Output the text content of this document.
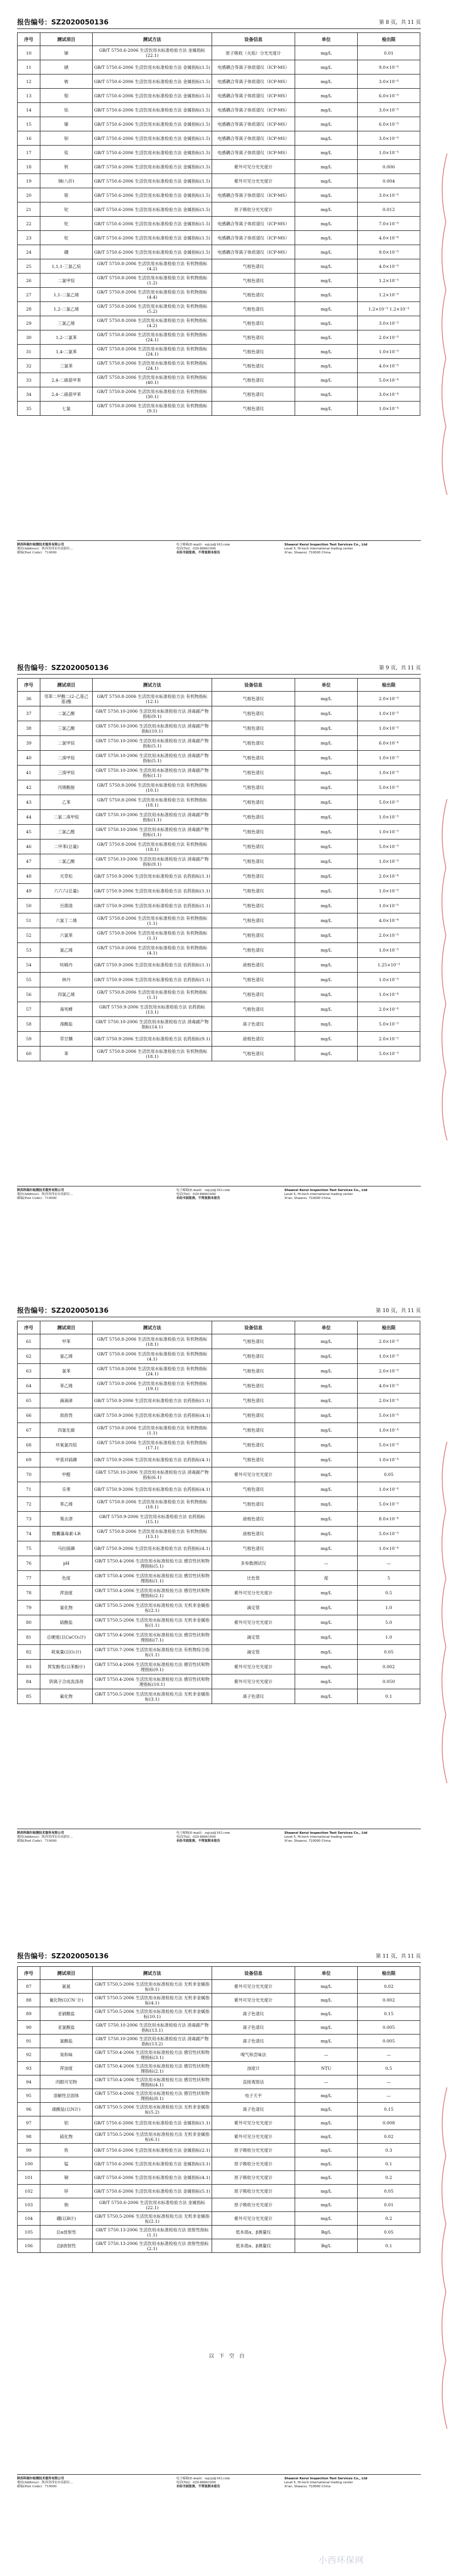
报告编号：SZ2020050136	第 8 页，共 11 页
序号	测试项目	测试方法	设备信息	单位	检出限
10	锑	GB/T 5750.6-2006 生活饮用水标准检验方法 金属指标(22.1)	原子吸收（火焰）分光光度计	mg/L	0.01
11	硒	GB/T 5750.6-2006 生活饮用水标准检验方法 金属指标(1.5)	电感耦合等离子体质谱仪（ICP-MS）	mg/L	9.0×10⁻⁵
12	铍	GB/T 5750.6-2006 生活饮用水标准检验方法 金属指标(1.5)	电感耦合等离子体质谱仪（ICP-MS）	mg/L	3.0×10⁻⁵
13	钼	GB/T 5750.6-2006 生活饮用水标准检验方法 金属指标(1.5)	电感耦合等离子体质谱仪（ICP-MS）	mg/L	6.0×10⁻⁵
14	钴	GB/T 5750.6-2006 生活饮用水标准检验方法 金属指标(1.5)	电感耦合等离子体质谱仪（ICP-MS）	mg/L	3.0×10⁻⁵
15	镍	GB/T 5750.6-2006 生活饮用水标准检验方法 金属指标(1.5)	电感耦合等离子体质谱仪（ICP-MS）	mg/L	6.0×10⁻⁵
16	钡	GB/T 5750.6-2006 生活饮用水标准检验方法 金属指标(1.5)	电感耦合等离子体质谱仪（ICP-MS）	mg/L	3.0×10⁻⁵
17	钛	GB/T 5750.6-2006 生活饮用水标准检验方法 金属指标(1.5)	电感耦合等离子体质谱仪（ICP-MS）	mg/L	1.0×10⁻⁵
18	钒	GB/T 5750.6-2006 生活饮用水标准检验方法 金属指标(1.5)	紫外可见分光光度计	mg/L	0.006
19	锑(八价)	GB/T 5750.6-2006 生活饮用水标准检验方法 金属指标(1.5)	紫外可见分光光度计	mg/L	0.004
20	银	GB/T 5750.6-2006 生活饮用水标准检验方法 金属指标(1.5)	电感耦合等离子体质谱仪（ICP-MS）	mg/L	3.0×10⁻⁵
21	铊	GB/T 5750.6-2006 生活饮用水标准检验方法 金属指标(1.5)	原子吸收分光光度计	mg/L	0.012
22	铊	GB/T 5750.6-2006 生活饮用水标准检验方法 金属指标(1.5)	电感耦合等离子体质谱仪（ICP-MS）	mg/L	7.0×10⁻⁵
23	铊	GB/T 5750.6-2006 生活饮用水标准检验方法 金属指标(1.5)	电感耦合等离子体质谱仪（ICP-MS）	mg/L	4.0×10⁻⁶
24	硼	GB/T 5750.6-2006 生活饮用水标准检验方法 金属指标(1.5)	电感耦合等离子体质谱仪（ICP-MS）	mg/L	9.0×10⁻⁵
25	1,1,1-三氯乙烷	GB/T 5750.8-2006 生活饮用水标准检验方法 有机物指标(4.2)	气相色谱仪	mg/L	4.0×10⁻⁵
26	二氯甲烷	GB/T 5750.8-2006 生活饮用水标准检验方法 有机物指标(1.2)	气相色谱仪	mg/L	1.2×10⁻³
27	1,1-二氯乙烯	GB/T 5750.8-2006 生活饮用水标准检验方法 有机物指标(4.4)	气相色谱仪	mg/L	1.2×10⁻³
28	1,2-二氯乙烯	GB/T 5750.8-2006 生活饮用水标准检验方法 有机物指标(5.2)	气相色谱仪	mg/L	1.2×10⁻³ 1.2×10⁻³
29	三氯乙烯	GB/T 5750.8-2006 生活饮用水标准检验方法 有机物指标(4.2)	气相色谱仪	mg/L	3.0×10⁻³
30	1,2-二氯苯	GB/T 5750.8-2006 生活饮用水标准检验方法 有机物指标(24.1)	气相色谱仪	mg/L	2.0×10⁻³
31	1,4-二氯苯	GB/T 5750.8-2006 生活饮用水标准检验方法 有机物指标(24.1)	气相色谱仪	mg/L	1.0×10⁻³
32	三氯苯	GB/T 5750.8-2006 生活饮用水标准检验方法 有机物指标(24.1)	气相色谱仪	mg/L	4.0×10⁻⁵
33	2,4-二硝基甲苯	GB/T 5750.8-2006 生活饮用水标准检验方法 有机物指标(40.1)	气相色谱仪	mg/L	5.0×10⁻⁴
34	2,4-二硝基甲苯	GB/T 5750.8-2006 生活饮用水标准检验方法 有机物指标(30.1)	气相色谱仪	mg/L	3.0×10⁻⁴
35	七氯	GB/T 5750.8-2006 生活饮用水标准检验方法 有机物指标(9.1)	气相色谱仪	mg/L	1.0×10⁻⁴
陕西科瑞尔检测技术服务有限公司
地址(Address)：陕西省西安市高新区...
邮编(Post Code)：710000
电子邮箱(E-mail)：sxjcjs@163.com
电话(Tel)：029-88661000
未经书面批准，不得复制本报告
Shaanxi Kerui Inspection Test Services Co., Ltd
Level 5, Hi-tech international trading center
Xi'an, Shaanxi, 710000 China
报告编号：SZ2020050136	第 9 页，共 11 页
序号	测试项目	测试方法	设备信息	单位	检出限
36	邻苯二甲酸二(2-乙基己基)酯	GB/T 5750.8-2006 生活饮用水标准检验方法 有机物指标(12.1)	气相色谱仪	mg/L	2.0×10⁻³
37	二氯乙酸	GB/T 5750.10-2006 生活饮用水标准检验方法 消毒副产物指标(9.1)	气相色谱仪	mg/L	1.0×10⁻³
38	三氯乙酸	GB/T 5750.10-2006 生活饮用水标准检验方法 消毒副产物指标(10.1)	气相色谱仪	mg/L	1.0×10⁻³
39	二氯甲烷	GB/T 5750.10-2006 生活饮用水标准检验方法 消毒副产物指标(5.1)	气相色谱仪	mg/L	6.0×10⁻⁴
40	二溴甲烷	GB/T 5750.10-2006 生活饮用水标准检验方法 消毒副产物指标(5.1)	气相色谱仪	mg/L	1.0×10⁻³
41	三溴甲烷	GB/T 5750.10-2006 生活饮用水标准检验方法 消毒副产物指标(1.1)	气相色谱仪	mg/L	1.0×10⁻³
42	丙烯酰胺	GB/T 5750.8-2006 生活饮用水标准检验方法 有机物指标(10.1)	气相色谱仪	mg/L	5.0×10⁻⁵
43	乙苯	GB/T 5750.8-2006 生活饮用水标准检验方法 有机物指标(18.1)	气相色谱仪	mg/L	5.0×10⁻³
44	二氯二溴甲烷	GB/T 5750.10-2006 生活饮用水标准检验方法 消毒副产物指标(1.1)	气相色谱仪	mg/L	1.0×10⁻³
45	三氯乙醛	GB/T 5750.10-2006 生活饮用水标准检验方法 消毒副产物指标(1.1)	气相色谱仪	mg/L	1.0×10⁻³
46	二甲苯(总量)	GB/T 5750.8-2006 生活饮用水标准检验方法 有机物指标(18.1)	气相色谱仪	mg/L	5.0×10⁻³
47	二氯乙酸	GB/T 5750.10-2006 生活饮用水标准检验方法 消毒副产物指标(9.1)	气相色谱仪	mg/L	1.0×10⁻³
48	灭草松	GB/T 5750.9-2006 生活饮用水标准检验方法 农药指标(1.1)	气相色谱仪	mg/L	2.0×10⁻⁴
49	六六六(总量)	GB/T 5750.9-2006 生活饮用水标准检验方法 农药指标(1.1)	气相色谱仪	mg/L	1.0×10⁻⁵
50	百菌清	GB/T 5750.9-2006 生活饮用水标准检验方法 农药指标(1.1)	气相色谱仪	mg/L	1.0×10⁻⁵
51	六氯丁二烯	GB/T 5750.8-2006 生活饮用水标准检验方法 有机物指标(1.1)	气相色谱仪	mg/L	4.0×10⁻⁶
52	六氯苯	GB/T 5750.8-2006 生活饮用水标准检验方法 有机物指标(1.1)	气相色谱仪	mg/L	2.0×10⁻⁵
53	氯乙烯	GB/T 5750.8-2006 生活饮用水标准检验方法 有机物指标(4.1)	气相色谱仪	mg/L	1.0×10⁻³
54	呋喃丹	GB/T 5750.9-2006 生活饮用水标准检验方法 农药指标(1.1)	液相色谱仪	mg/L	1.25×10⁻³
55	林丹	GB/T 5750.9-2006 生活饮用水标准检验方法 农药指标(1.1)	气相色谱仪	mg/L	1.0×10⁻⁵
56	四氯乙烯	GB/T 5750.8-2006 生活饮用水标准检验方法 有机物指标(1.1)	气相色谱仪	mg/L	1.0×10⁻⁴
57	毒死蜱	GB/T 5750.9-2006 生活饮用水标准检验方法 农药指标(13.1)	气相色谱仪	mg/L	2.0×10⁻⁴
58	溴酸盐	GB/T 5750.10-2006 生活饮用水标准检验方法 消毒副产物指标(14.1)	离子色谱仪	mg/L	5.0×10⁻³
59	草甘膦	GB/T 5750.9-2006 生活饮用水标准检验方法 农药指标(9.1)	液相色谱仪	mg/L	2.0×10⁻²
60	苯	GB/T 5750.8-2006 生活饮用水标准检验方法 有机物指标(18.1)	气相色谱仪	mg/L	5.0×10⁻³
陕西科瑞尔检测技术服务有限公司
地址(Address)：陕西省西安市高新区...
邮编(Post Code)：710000
电子邮箱(E-mail)：sxjcjs@163.com
电话(Tel)：029-88661000
未经书面批准，不得复制本报告
Shaanxi Kerui Inspection Test Services Co., Ltd
Level 5, Hi-tech international trading center
Xi'an, Shaanxi, 710000 China
报告编号：SZ2020050136	第 10 页，共 11 页
序号	测试项目	测试方法	设备信息	单位	检出限
61	甲苯	GB/T 5750.8-2006 生活饮用水标准检验方法 有机物指标(18.1)	气相色谱仪	mg/L	2.0×10⁻³
62	氯乙烯	GB/T 5750.8-2006 生活饮用水标准检验方法 有机物指标(4.1)	气相色谱仪	mg/L	1.0×10⁻³
63	氯苯	GB/T 5750.8-2006 生活饮用水标准检验方法 有机物指标(24.1)	气相色谱仪	mg/L	2.0×10⁻³
64	苯乙烯	GB/T 5750.8-2006 生活饮用水标准检验方法 有机物指标(19.1)	气相色谱仪	mg/L	4.0×10⁻³
65	滴滴涕	GB/T 5750.9-2006 生活饮用水标准检验方法 农药指标(1.1)	气相色谱仪	mg/L	2.0×10⁻⁵
66	敌敌畏	GB/T 5750.9-2006 生活饮用水标准检验方法 农药指标(4.1)	气相色谱仪	mg/L	5.0×10⁻⁵
67	四氯化碳	GB/T 5750.8-2006 生活饮用水标准检验方法 有机物指标(1.1)	气相色谱仪	mg/L	1.0×10⁻⁴
68	环氧氯丙烷	GB/T 5750.8-2006 生活饮用水标准检验方法 有机物指标(17.1)	气相色谱仪	mg/L	5.0×10⁻³
69	甲基对硫磷	GB/T 5750.9-2006 生活饮用水标准检验方法 农药指标(4.1)	气相色谱仪	mg/L	1.0×10⁻⁴
70	甲醛	GB/T 5750.10-2006 生活饮用水标准检验方法 消毒副产物指标(6.1)	紫外可见分光光度计	mg/L	0.05
71	乐果	GB/T 5750.9-2006 生活饮用水标准检验方法 农药指标(4.1)	气相色谱仪	mg/L	1.0×10⁻⁴
72	苯乙烯	GB/T 5750.8-2006 生活饮用水标准检验方法 有机物指标(18.1)	气相色谱仪	mg/L	5.0×10⁻³
73	莠去津	GB/T 5750.9-2006 生活饮用水标准检验方法 农药指标(15.1)	液相色谱仪	mg/L	8.0×10⁻⁴
74	微囊藻毒素-LR	GB/T 5750.8-2006 生活饮用水标准检验方法 有机物指标(13.1)	液相色谱仪	mg/L	5.0×10⁻⁵
75	马拉硫磷	GB/T 5750.9-2006 生活饮用水标准检验方法 农药指标(4.1)	气相色谱仪	mg/L	1.0×10⁻⁴
76	pH	GB/T 5750.4-2006 生活饮用水标准检验方法 感官性状和物理指标(5.1)	多参数测试仪	—	—
77	色度	GB/T 5750.4-2006 生活饮用水标准检验方法 感官性状和物理指标(1.1)	比色管	度	5
78	浑浊度	GB/T 5750.4-2006 生活饮用水标准检验方法 感官性状和物理指标(2.1)	紫外可见分光光度计	mg/L	0.5
79	氯化物	GB/T 5750.5-2006 生活饮用水标准检验方法 无机非金属指标(2.1)	滴定管	mg/L	1.0
80	硫酸盐	GB/T 5750.5-2006 生活饮用水标准检验方法 无机非金属指标(1.1)	紫外可见分光光度计	mg/L	5.0
81	总硬度(以CaCO₃计)	GB/T 5750.4-2006 生活饮用水标准检验方法 感官性状和物理指标(7.1)	滴定管	mg/L	1.0
82	耗氧量(以O₂计)	GB/T 5750.7-2006 生活饮用水标准检验方法 有机物综合指标(1.1)	滴定管	mg/L	0.05
83	挥发酚类(以苯酚计)	GB/T 5750.4-2006 生活饮用水标准检验方法 感官性状和物理指标(9.1)	紫外可见分光光度计	mg/L	0.002
84	阴离子合成洗涤剂	GB/T 5750.4-2006 生活饮用水标准检验方法 感官性状和物理指标(10.1)	紫外可见分光光度计	mg/L	0.050
85	氟化物	GB/T 5750.5-2006 生活饮用水标准检验方法 无机非金属指标(3.1)	离子色谱仪	mg/L	0.1
陕西科瑞尔检测技术服务有限公司
地址(Address)：陕西省西安市高新区...
邮编(Post Code)：710000
电子邮箱(E-mail)：sxjcjs@163.com
电话(Tel)：029-88661000
未经书面批准，不得复制本报告
Shaanxi Kerui Inspection Test Services Co., Ltd
Level 5, Hi-tech international trading center
Xi'an, Shaanxi, 710000 China
报告编号：SZ2020050136	第 11 页，共 11 页
序号	测试项目	测试方法	设备信息	单位	检出限
87	氨氮	GB/T 5750.5-2006 生活饮用水标准检验方法 无机非金属指标(9.1)	紫外可见分光光度计	mg/L	0.02
88	氰化物(以CN⁻计)	GB/T 5750.5-2006 生活饮用水标准检验方法 无机非金属指标(4.1)	紫外可见分光光度计	mg/L	0.002
89	亚硝酸盐	GB/T 5750.5-2006 生活饮用水标准检验方法 无机非金属指标(10.1)	离子色谱仪	mg/L	0.15
90	亚氯酸盐	GB/T 5750.10-2006 生活饮用水标准检验方法 消毒副产物指标(13.1)	离子色谱仪	mg/L	0.005
91	氯酸盐	GB/T 5750.10-2006 生活饮用水标准检验方法 消毒副产物指标(13.2)	离子色谱仪	mg/L	0.005
92	臭和味	GB/T 5750.4-2006 生活饮用水标准检验方法 感官性状和物理指标(3.1)	嗅气和尝味法	—	—
93	浑浊度	GB/T 5750.4-2006 生活饮用水标准检验方法 感官性状和物理指标(2.1)	浊度计	NTU	0.5
94	肉眼可见物	GB/T 5750.4-2006 生活饮用水标准检验方法 感官性状和物理指标(4.1)	直接观察法	—	—
95	溶解性总固体	GB/T 5750.4-2006 生活饮用水标准检验方法 感官性状和物理指标(8.1)	电子天平	mg/L	—
96	硝酸盐(以N计)	GB/T 5750.5-2006 生活饮用水标准检验方法 无机非金属指标(5.2)	离子色谱仪	mg/L	0.15
97	铝	GB/T 5750.6-2006 生活饮用水标准检验方法 金属指标(1.1)	紫外可见分光光度计	mg/L	0.008
98	硫化物	GB/T 5750.5-2006 生活饮用水标准检验方法 无机非金属指标(6.1)	紫外可见分光光度计	mg/L	0.02
99	铁	GB/T 5750.6-2006 生活饮用水标准检验方法 金属指标(2.1)	原子吸收分光光度计	mg/L	0.3
100	锰	GB/T 5750.6-2006 生活饮用水标准检验方法 金属指标(3.1)	原子吸收分光光度计	mg/L	0.1
101	铜	GB/T 5750.6-2006 生活饮用水标准检验方法 金属指标(4.1)	原子吸收分光光度计	mg/L	0.2
102	锌	GB/T 5750.6-2006 生活饮用水标准检验方法 金属指标(5.1)	原子吸收分光光度计	mg/L	0.05
103	钠	GB/T 5750.6-2006 生活饮用水标准检验方法 金属指标(22.1)	原子吸收分光光度计	mg/L	0.01
104	硼(以B计)	GB/T 5750.5-2006 生活饮用水标准检验方法 无机非金属指标(2.1)	紫外可见分光光度计	mg/L	0.2
105	总α放射性	GB/T 5750.13-2006 生活饮用水标准检验方法 放射性指标(1.1)	低本底α、β测量仪	Bq/L	0.05
106	总β放射性	GB/T 5750.13-2006 生活饮用水标准检验方法 放射性指标(2.1)	低本底α、β测量仪	Bq/L	0.1
以 下 空 白
陕西科瑞尔检测技术服务有限公司
地址(Address)：陕西省西安市高新区...
邮编(Post Code)：710000
电子邮箱(E-mail)：sxjcjs@163.com
电话(Tel)：029-88661000
未经书面批准，不得复制本报告
Shaanxi Kerui Inspection Test Services Co., Ltd
Level 5, Hi-tech international trading center
Xi'an, Shaanxi, 710000 China
小西环保网
